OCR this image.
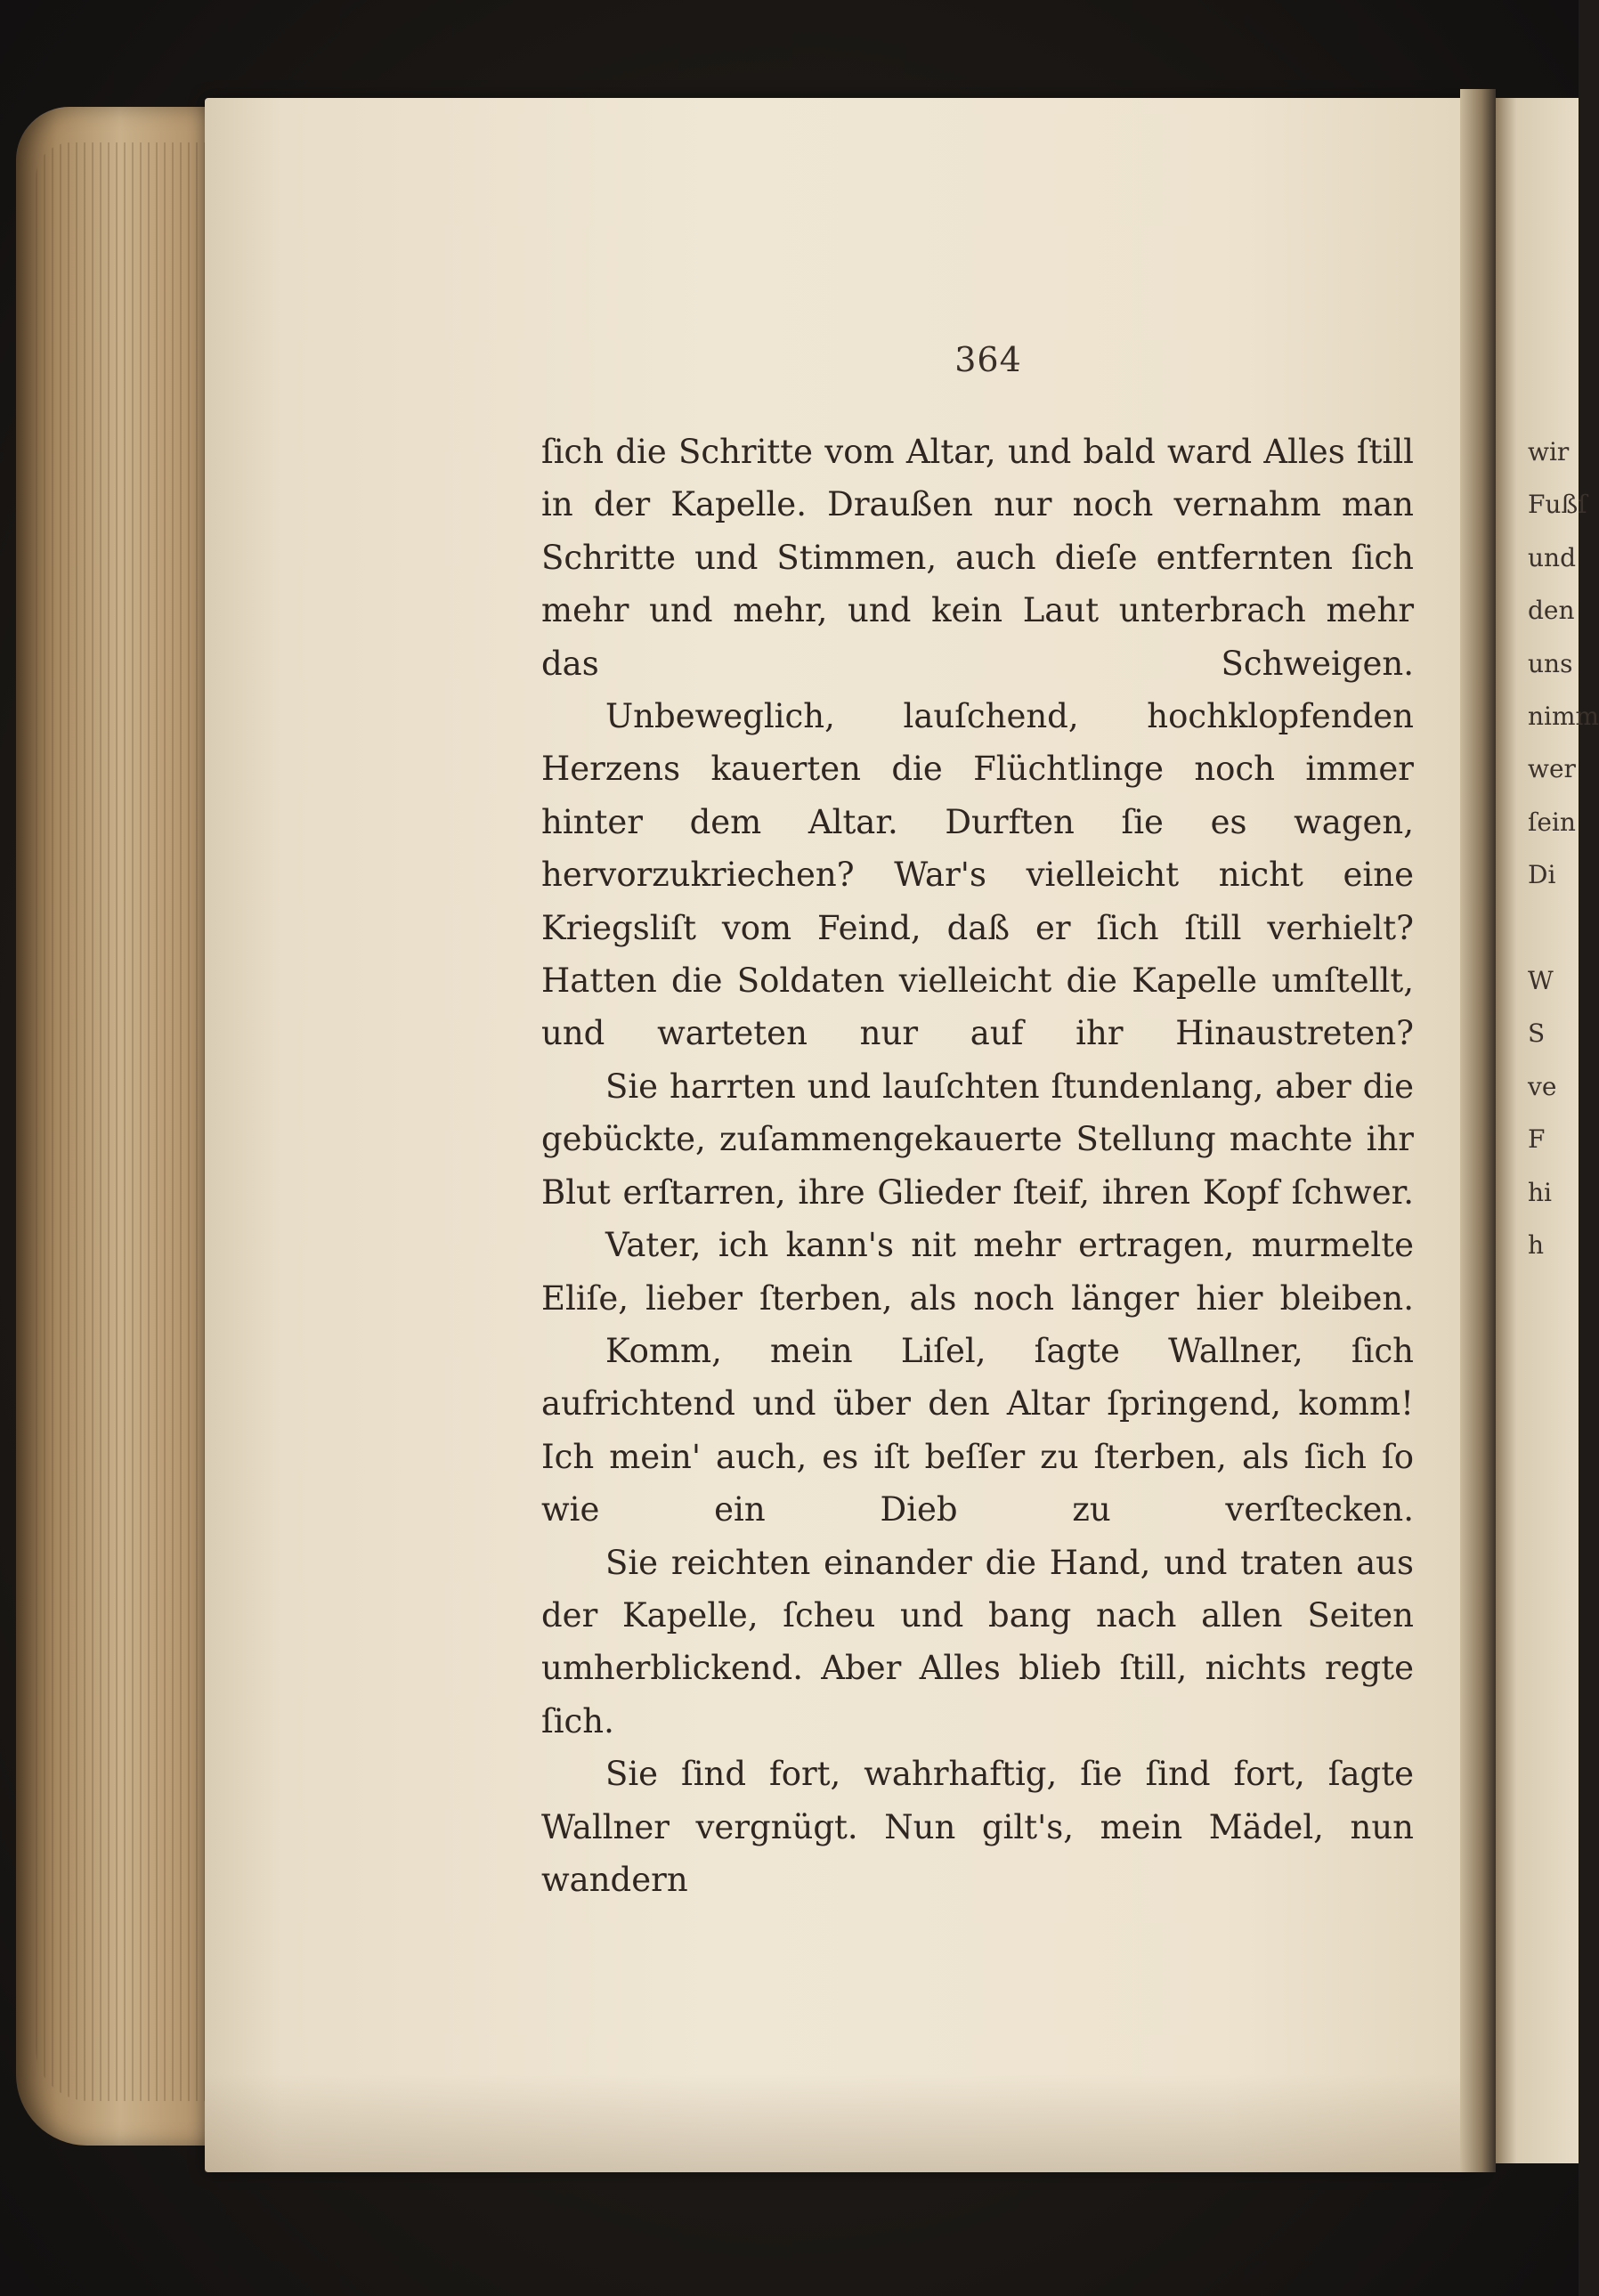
364

ſich die Schritte vom Altar, und bald ward Alles ſtill in der Kapelle. Draußen nur noch vernahm man Schritte und Stimmen, auch dieſe entfernten ſich mehr und mehr, und kein Laut unterbrach mehr das Schweigen.

Unbeweglich, lauſchend, hochklopfenden Herzens kauerten die Flüchtlinge noch immer hinter dem Altar. Durften ſie es wagen, hervorzukriechen? War's vielleicht nicht eine Kriegsliſt vom Feind, daß er ſich ſtill verhielt? Hatten die Soldaten vielleicht die Kapelle umſtellt, und warteten nur auf ihr Hinaustreten?

Sie harrten und lauſchten ſtundenlang, aber die gebückte, zuſammengekauerte Stellung machte ihr Blut erſtarren, ihre Glieder ſteif, ihren Kopf ſchwer.

Vater, ich kann's nit mehr ertragen, murmelte Eliſe, lieber ſterben, als noch länger hier bleiben.

Komm, mein Liſel, ſagte Wallner, ſich aufrichtend und über den Altar ſpringend, komm! Ich mein' auch, es iſt beſſer zu ſterben, als ſich ſo wie ein Dieb zu verſtecken.

Sie reichten einander die Hand, und traten aus der Kapelle, ſcheu und bang nach allen Seiten umherblickend. Aber Alles blieb ſtill, nichts regte ſich.

Sie ſind fort, wahrhaftig, ſie ſind fort, ſagte Wallner vergnügt. Nun gilt's, mein Mädel, nun wandern

wir
Fußſ
und
den
uns
nimm
wer
ſein
Di
W
S
ve
F
hi
h
